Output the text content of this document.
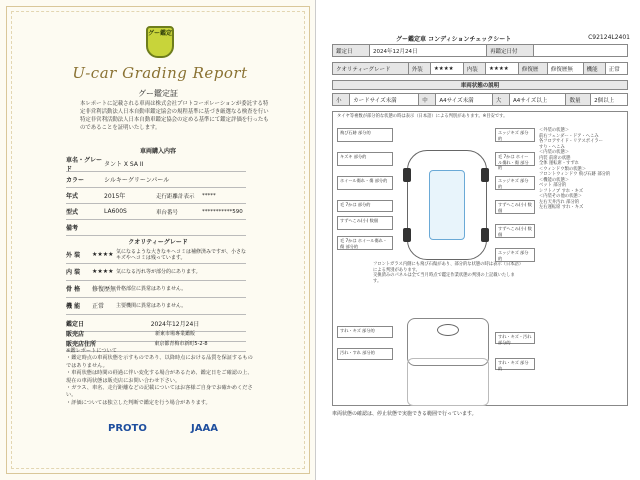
グー鑑定
U-car Grading Report
グー鑑定証
本レポートに記載される車両は株式会社プロトコーポレーションが委託する特定非営利活動法人日本自動車鑑定協会の規程基準に基づき厳選なる検査を行い特定非営利活動法人日本自動車鑑定協会の定める基準にて鑑定評価を行ったものであることを証明いたします。
車両購入内容
車名・グレード
タント X SA II
カラー	シルキーグリーンパール
年式	2015年	走行距離計表示	*****
型式	LA600S	車台番号	***********590
備考
クオリティーグレード
外 装	★★★★ 気になるような大きなキヘコミは補修済みですが、小さなキズやヘコミは残っています。
内 装	★★★★ 気になる汚れ等が部分的にあります。
骨 格	修復歴無 骨格部位に異常はありません。
機 能	正常	主要機関に異常はありません。
鑑定日	2024年12月24日
販売店	新東市場專業鑑販
販売店住所	東京都青梅市新町5-2-8
※鑑レポートについて
・鑑定時点の車両状態を示すものであり、以降時点における品質を保証するものではありません。
・車両状態は時間の経過に伴い変化する場合があるため、鑑定日をご確認の上、現在の車両状態は販売店にお問い合わせ下さい。
・ガラス、車名、走行距離などの記載についてはお客様ご自身でお確かめください。
・評価については独立した判断で鑑定を行う場合があります。
PROTO	JAAA
グー鑑定車 コンディションチェックシート	C92124L2401
鑑定日	2024年12月24日	再鑑定日付	
クオリティーグレード	外装	★★★★	内装	★★★★	修復歴	修復歴無	機能	正常
車両状態の説明
小	カードサイズ未満	中	A4サイズ未満	大	A4サイズ以上	数量	2個以上
タイヤ等複数が部分的な状態の時は表示（日本語）による判別があります。※目安です。
フロントガラス内側にも飛び石傷があり、部分的な状態の時は表示（日本語）による判別があります。
交換済みのパネルは全て当月時点で鑑定作業状態の判別の上記載いたします。
飛び石跡 部分的
キズキ 部分的
ホイール傷れ・傷 部分的
毛 7かは 部分的
すずへこみ(小) 数個
エッジキズ 部分的
毛 7かは ホイール傷れ・傷 部分的
エッジキズ 部分的
すずへこみ(小) 数個
毛 7かは ホイール傷れ・傷 部分的
すずへこみ(小) 数個
エッジキズ 部分的
すれ・キズ 部分的
汚れ・すれ 部分的
すれ・キズ・汚れ 部分的
すれ・キズ 部分的
＜外装の状態＞
前右フェンダー・ドア・へこみ
各フロアサイド・リアスポイラー
すり・へこみ
＜内装の状態＞
内装 前席の状態
全体 運転席・すずれ
＜ウィンドウ類の状態＞
フロントウィンドウ 飛び石跡 部分的
＜機能の状態＞
ベット 部分的
シフトノブ すれ・キズ
＜内装その他の状態＞
左右天井汚れ 部分的
左右運転席 すれ・キズ
車両状態の確認は、停止状態で実施できる範囲で行っています。
